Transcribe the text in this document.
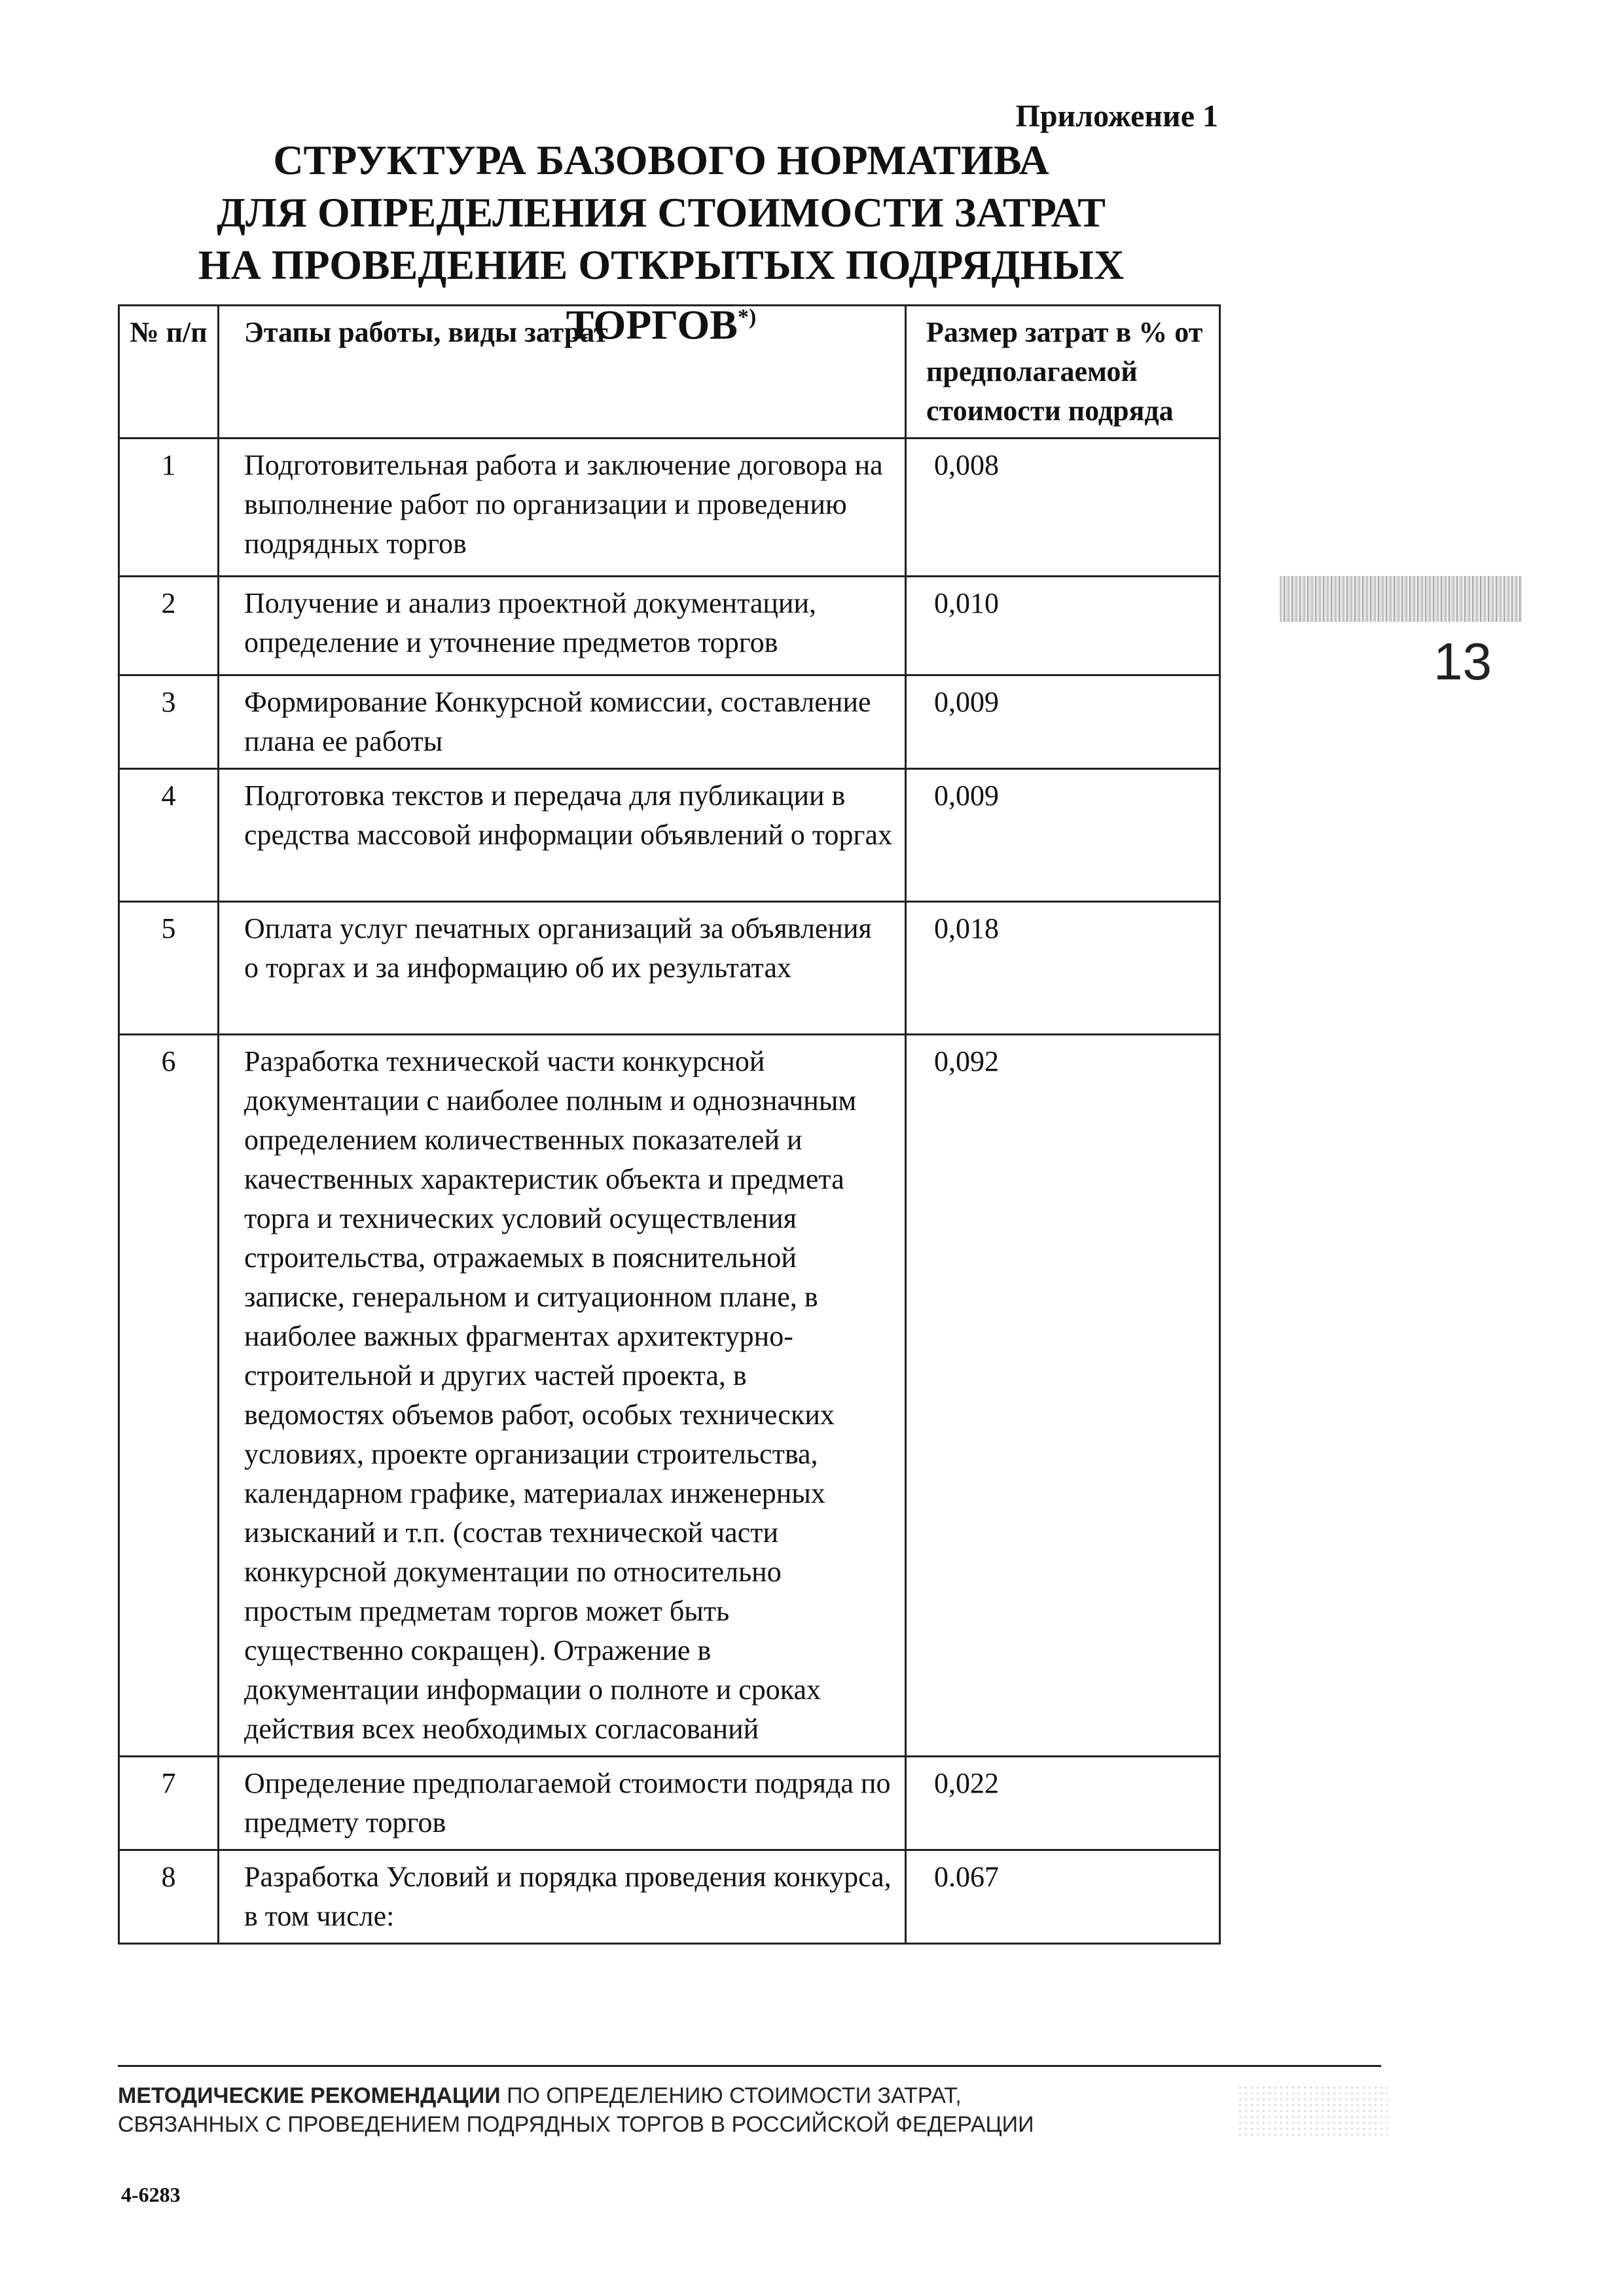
Приложение 1
СТРУКТУРА БАЗОВОГО НОРМАТИВА
ДЛЯ ОПРЕДЕЛЕНИЯ СТОИМОСТИ ЗАТРАТ
НА ПРОВЕДЕНИЕ ОТКРЫТЫХ ПОДРЯДНЫХ ТОРГОВ*)
№ п/п	Этапы работы, виды затрат	Размер затрат в % от предполагаемой стоимости подряда
1	Подготовительная работа и заключение договора на выполнение работ по организации и проведению подрядных торгов	0,008
2	Получение и анализ проектной документации, определение и уточнение предметов торгов	0,010
3	Формирование Конкурсной комиссии, составление плана ее работы	0,009
4	Подготовка текстов и передача для публикации в средства массовой информации объявлений о торгах	0,009
5	Оплата услуг печатных организаций за объявления о торгах и за информацию об их результатах	0,018
6	Разработка технической части конкурсной документации с наиболее полным и однозначным определением количественных показателей и качественных характеристик объекта и предмета торга и технических условий осуществления строительства, отражаемых в пояснительной записке, генеральном и ситуационном плане, в наиболее важных фрагментах архитектурно-строительной и других частей проекта, в ведомостях объемов работ, особых технических условиях, проекте организации строительства, календарном графике, материалах инженерных изысканий и т.п. (состав технической части конкурсной документации по относительно простым предметам торгов может быть существенно сокращен). Отражение в документации информации о полноте и сроках действия всех необходимых согласований	0,092
7	Определение предполагаемой стоимости подряда по предмету торгов	0,022
8	Разработка Условий и порядка проведения конкурса, в том числе:	0.067
13
МЕТОДИЧЕСКИЕ РЕКОМЕНДАЦИИ ПО ОПРЕДЕЛЕНИЮ СТОИМОСТИ ЗАТРАТ,
СВЯЗАННЫХ С ПРОВЕДЕНИЕМ ПОДРЯДНЫХ ТОРГОВ В РОССИЙСКОЙ ФЕДЕРАЦИИ
4-6283
